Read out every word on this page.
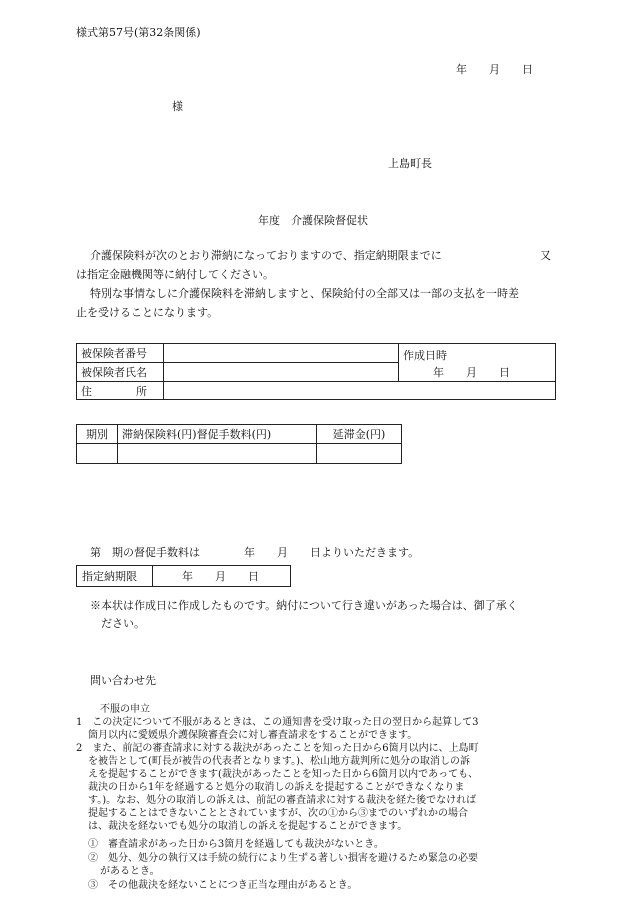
様式第57号(第32条関係)
年　　月　　日
様
上島町長
年度　介護保険督促状
介護保険料が次のとおり滞納になっておりますので、指定納期限までに	又
は指定金融機関等に納付してください。
特別な事情なしに介護保険料を滞納しますと、保険給付の全部又は一部の支払を一時差
止を受けることになります。
被保険者番号		作成日時
年　　月　　日

被保険者氏名		
住　　　　所		
期別	滞納保険料(円)督促手数料(円)	延滞金(円)

第　期の督促手数料は　　　　年　　月　　日よりいただきます。
指定納期限	年　　月　　日
※本状は作成日に作成したものです。納付について行き違いがあった場合は、御了承く
ださい。
問い合わせ先
不服の申立
1　この決定について不服があるときは、この通知書を受け取った日の翌日から起算して3
箇月以内に愛媛県介護保険審査会に対し審査請求をすることができます。
2　また、前記の審査請求に対する裁決があったことを知った日から6箇月以内に、上島町
を被告として(町長が被告の代表者となります。)、松山地方裁判所に処分の取消しの訴
えを提起することができます(裁決があったことを知った日から6箇月以内であっても、
裁決の日から1年を経過すると処分の取消しの訴えを提起することができなくなりま
す。)。なお、処分の取消しの訴えは、前記の審査請求に対する裁決を経た後でなければ
提起することはできないこととされていますが、次の①から③までのいずれかの場合
は、裁決を経ないでも処分の取消しの訴えを提起することができます。
①　審査請求があった日から3箇月を経過しても裁決がないとき。
②　処分、処分の執行又は手続の続行により生ずる著しい損害を避けるため緊急の必要
があるとき。
③　その他裁決を経ないことにつき正当な理由があるとき。
